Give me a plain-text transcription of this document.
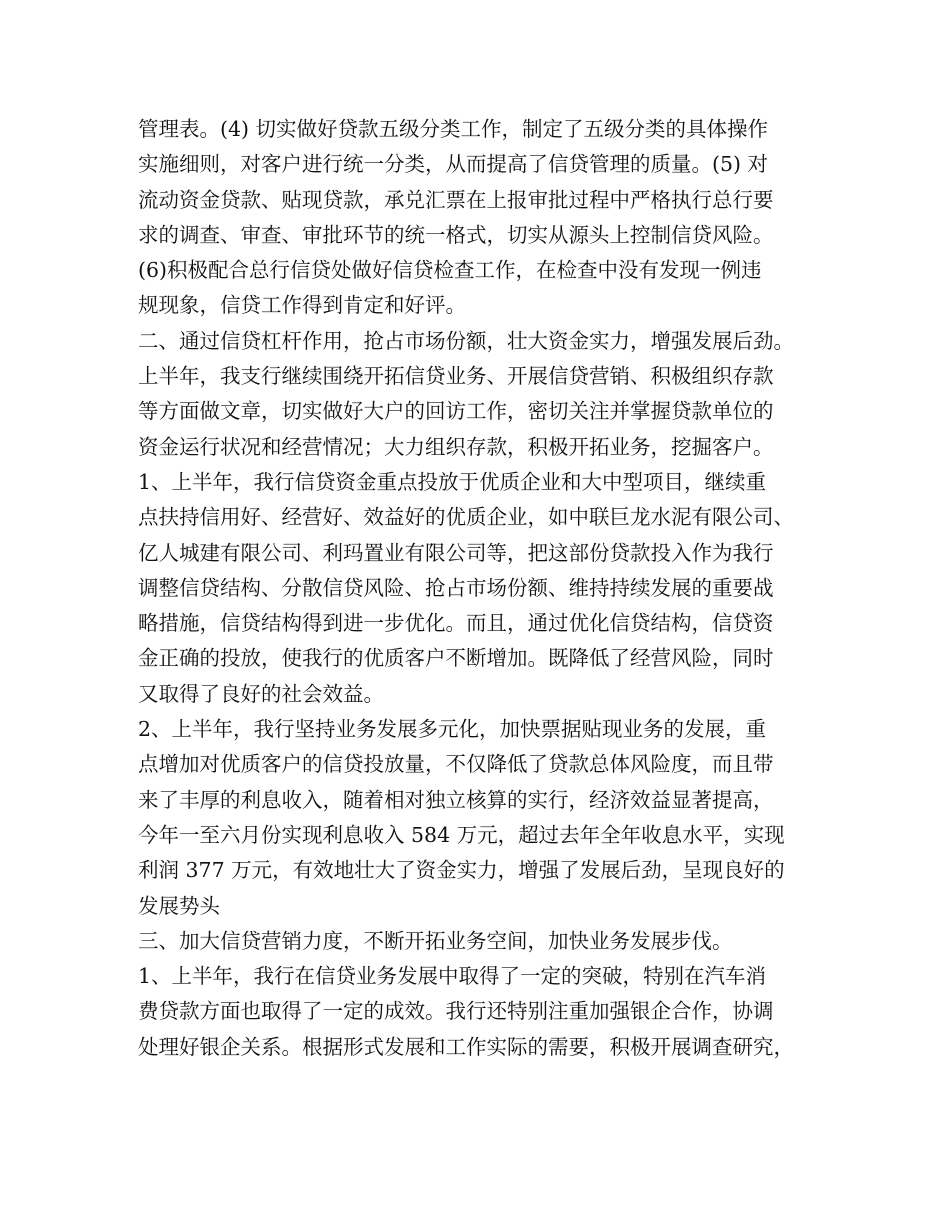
管理表。(4) 切实做好贷款五级分类工作，制定了五级分类的具体操作
实施细则，对客户进行统一分类，从而提高了信贷管理的质量。(5) 对
流动资金贷款、贴现贷款，承兑汇票在上报审批过程中严格执行总行要
求的调查、审查、审批环节的统一格式，切实从源头上控制信贷风险。
(6)积极配合总行信贷处做好信贷检查工作，在检查中没有发现一例违
规现象，信贷工作得到肯定和好评。
二、通过信贷杠杆作用，抢占市场份额，壮大资金实力，增强发展后劲。
上半年，我支行继续围绕开拓信贷业务、开展信贷营销、积极组织存款
等方面做文章，切实做好大户的回访工作，密切关注并掌握贷款单位的
资金运行状况和经营情况；大力组织存款，积极开拓业务，挖掘客户。
1、上半年，我行信贷资金重点投放于优质企业和大中型项目，继续重
点扶持信用好、经营好、效益好的优质企业，如中联巨龙水泥有限公司、
亿人城建有限公司、利玛置业有限公司等，把这部份贷款投入作为我行
调整信贷结构、分散信贷风险、抢占市场份额、维持持续发展的重要战
略措施，信贷结构得到进一步优化。而且，通过优化信贷结构，信贷资
金正确的投放，使我行的优质客户不断增加。既降低了经营风险，同时
又取得了良好的社会效益。
2、上半年，我行坚持业务发展多元化，加快票据贴现业务的发展，重
点增加对优质客户的信贷投放量，不仅降低了贷款总体风险度，而且带
来了丰厚的利息收入，随着相对独立核算的实行，经济效益显著提高，
今年一至六月份实现利息收入 584 万元，超过去年全年收息水平，实现
利润 377 万元，有效地壮大了资金实力，增强了发展后劲，呈现良好的
发展势头
三、加大信贷营销力度，不断开拓业务空间，加快业务发展步伐。
1、上半年，我行在信贷业务发展中取得了一定的突破，特别在汽车消
费贷款方面也取得了一定的成效。我行还特别注重加强银企合作，协调
处理好银企关系。根据形式发展和工作实际的需要，积极开展调查研究，
